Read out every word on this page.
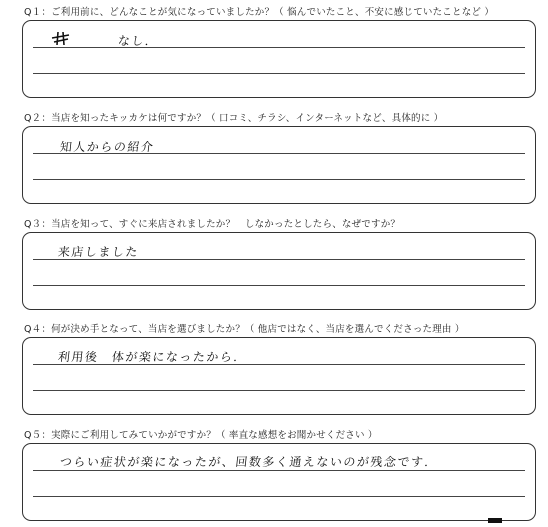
Q１：ご利用前に、どんなことが気になっていましたか？（ 悩んでいたこと、不安に感じていたことなど ）
なし.
Q２：当店を知ったキッカケは何ですか？（ 口コミ、チラシ、インターネットなど、具体的に ）
知人からの紹介
Q３：当店を知って、すぐに来店されましたか？　しなかったとしたら、なぜですか？
来店しました
Q４：何が決め手となって、当店を選びましたか？（ 他店ではなく、当店を選んでくださった理由 ）
利用後　体が楽になったから.
Q５：実際にご利用してみていかがですか？（ 率直な感想をお聞かせください ）
つらい症状が楽になったが、回数多く通えないのが残念です.
